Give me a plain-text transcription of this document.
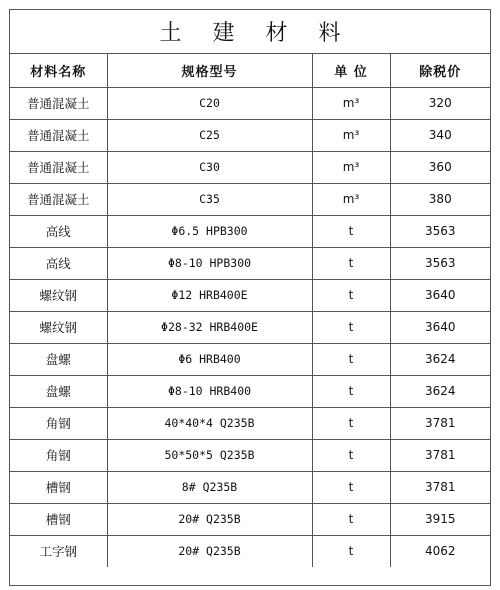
土 建 材 料
材料名称	规格型号	单 位	除税价
普通混凝土	C20	m³	320
普通混凝土	C25	m³	340
普通混凝土	C30	m³	360
普通混凝土	C35	m³	380
高线	Φ6.5 HPB300	t	3563
高线	Φ8-10 HPB300	t	3563
螺纹钢	Φ12 HRB400E	t	3640
螺纹钢	Φ28-32 HRB400E	t	3640
盘螺	Φ6 HRB400	t	3624
盘螺	Φ8-10 HRB400	t	3624
角钢	40*40*4 Q235B	t	3781
角钢	50*50*5 Q235B	t	3781
槽钢	8# Q235B	t	3781
槽钢	20# Q235B	t	3915
工字钢	20# Q235B	t	4062
